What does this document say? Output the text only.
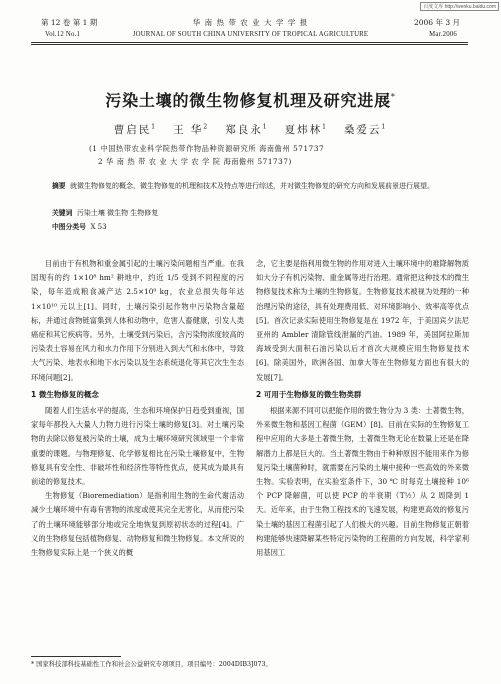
百度文库 http://wenku.baidu.com
第 12 卷 第 1 期	华 南 热 带 农 业 大 学 学 报	2006 年 3 月
Vol.12 No.1	JOURNAL OF SOUTH CHINA UNIVERSITY OF TROPICAL AGRICULTURE	Mar.2006
污染土壤的微生物修复机理及研究进展*
曹启民$^1$ 王 华$^2$ 郑良永$^1$ 夏炜林$^1$ 桑爱云$^1$
(1 中国热带农业科学院热带作物品种资源研究所 海南儋州 571737
2 华 南 热 带 农 业 大 学 农 学 院 海南儋州 571737)
摘要 就微生物修复的概念，微生物修复的机理和技术及特点等进行综述，并对微生物修复的研究方向和发展前景进行展望。
关键词 污染土壤 微生物 生物修复
中图分类号 X 53

目前由于有机物和重金属引起的土壤污染问题相当严重。在我国现有的约 1×10⁸ hm² 耕地中，约近 1/5 受到不同程度的污染，每年造成粮食减产达 2.5×10⁹ kg，农业总损失每年达 1×10¹⁰ 元以上[1]。同时，土壤污染引起作物中污染物含量超标，并通过食物链富集到人体和动物中，危害人畜健康，引发人类癌症和其它疾病等。另外，土壤受到污染后，含污染物浓度较高的污染表土容易在风力和水力作用下分别进入到大气和水体中，导致大气污染、地表水和地下水污染以及生态系统退化等其它次生生态环境问题[2]。

1 微生物修复的概念

随着人们生活水平的提高，生态和环境保护日趋受到重视，国家每年都投入大量人力物力进行污染土壤的修复[3]。对土壤污染物的去除以修复被污染的土壤，成为土壤环境研究领域里一个非常重要的课题。与物理修复、化学修复相比在污染土壤修复中，生物修复具有安全性、非破坏性和经济性等特性优点，使其成为最具有前途的修复技术。

生物修复（Bioremediation）是指利用生物的生命代谢活动减少土壤环境中有毒有害物的浓度或使其完全无害化，从而使污染了的土壤环境能够部分地或完全地恢复到原初状态的过程[4]。广义的生物修复包括植物修复、动物修复和微生物修复。本文所说的生物修复实际上是一个狭义的概

念，它主要是指利用微生物的作用对进入土壤环境中的难降解物质如大分子有机污染物、重金属等进行治理。通常把这种技术的微生物修复技术称为土壤的生物修复。生物修复技术被视为处理的一种治理污染的途径，具有处理费用低、对环境影响小、效率高等优点[5]。首次记录实际使用生物修复是在 1972 年，于美国宾夕法尼亚州的 Ambler 清除管线泄漏的汽油。1989 年，美国阿拉斯加海域受到大面积石油污染以后才首次大规模应用生物修复技术[6]。除美国外，欧洲各国、加拿大等在生物修复方面也有很大的发展[7]。

2 可用于生物修复的微生物类群

根据来源不同可以把能作用的微生物分为 3 类：土著微生物，外来微生物和基因工程菌（GEM）[8]。目前在实际的生物修复工程中应用的大多是土著微生物，土著微生物无论在数量上还是在降解潜力上都是巨大的。当土著微生物由于种种原因不能用来作为修复污染土壤菌种时，就需要在污染的土壤中接种一些高效的外来微生物。实验表明，在实验室条件下，30 ℃ 时每克土壤接种 10⁶ 个 PCP 降解菌，可以使 PCP 的半衰期（T½）从 2 周降到 1 天。近年来，由于生物工程技术的飞速发展，构建更高效的修复污染土壤的基因工程菌引起了人们极大的兴趣。目前生物修复正朝着构建能够快速降解某些特定污染物的工程菌的方向发展，科学家利用基因工

* 国家科技部科技基础性工作和社会公益研究专项项目，项目编号：2004DIB3J073。
